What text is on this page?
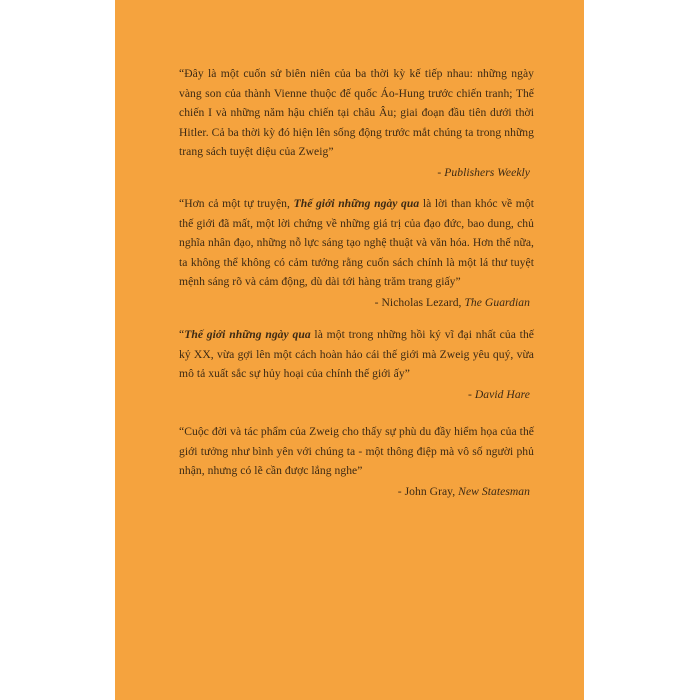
“Đây là một cuốn sử biên niên của ba thời kỳ kế tiếp nhau: những ngày vàng son của thành Vienne thuộc đế quốc Áo-Hung trước chiến tranh; Thế chiến I và những năm hậu chiến tại châu Âu; giai đoạn đầu tiên dưới thời Hitler. Cả ba thời kỳ đó hiện lên sống động trước mắt chúng ta trong những trang sách tuyệt diệu của Zweig”

- Publishers Weekly

“Hơn cả một tự truyện, Thế giới những ngày qua là lời than khóc về một thế giới đã mất, một lời chứng về những giá trị của đạo đức, bao dung, chủ nghĩa nhân đạo, những nỗ lực sáng tạo nghệ thuật và văn hóa. Hơn thế nữa, ta không thể không có cảm tưởng rằng cuốn sách chính là một lá thư tuyệt mệnh sáng rõ và cảm động, dù dài tới hàng trăm trang giấy”

- Nicholas Lezard, The Guardian

“Thế giới những ngày qua là một trong những hồi ký vĩ đại nhất của thế kỷ XX, vừa gợi lên một cách hoàn hảo cái thế giới mà Zweig yêu quý, vừa mô tả xuất sắc sự hủy hoại của chính thế giới ấy”

- David Hare

“Cuộc đời và tác phẩm của Zweig cho thấy sự phù du đầy hiểm họa của thế giới tưởng như bình yên với chúng ta - một thông điệp mà vô số người phủ nhận, nhưng có lẽ cần được lắng nghe”

- John Gray, New Statesman
